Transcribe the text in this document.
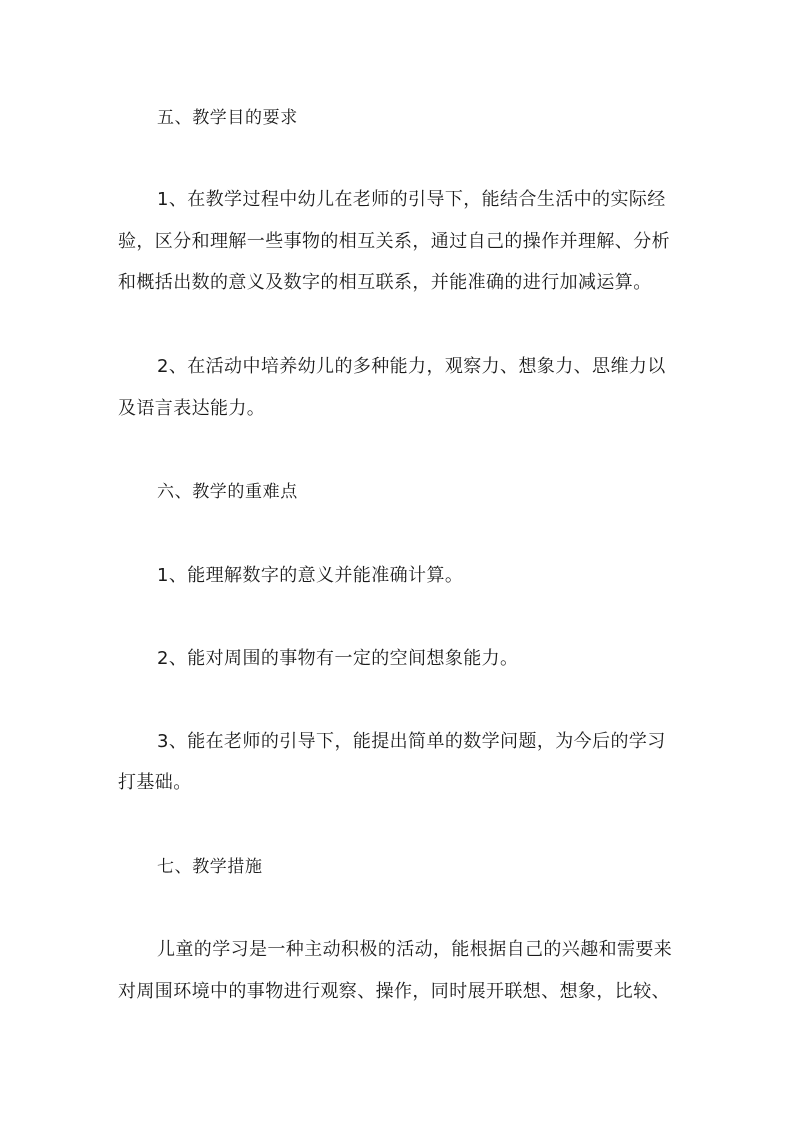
五、教学目的要求
1、在教学过程中幼儿在老师的引导下，能结合生活中的实际经
验，区分和理解一些事物的相互关系，通过自己的操作并理解、分析
和概括出数的意义及数字的相互联系，并能准确的进行加减运算。
2、在活动中培养幼儿的多种能力，观察力、想象力、思维力以
及语言表达能力。
六、教学的重难点
1、能理解数字的意义并能准确计算。
2、能对周围的事物有一定的空间想象能力。
3、能在老师的引导下，能提出简单的数学问题，为今后的学习
打基础。
七、教学措施
儿童的学习是一种主动积极的活动，能根据自己的兴趣和需要来
对周围环境中的事物进行观察、操作，同时展开联想、想象，比较、
